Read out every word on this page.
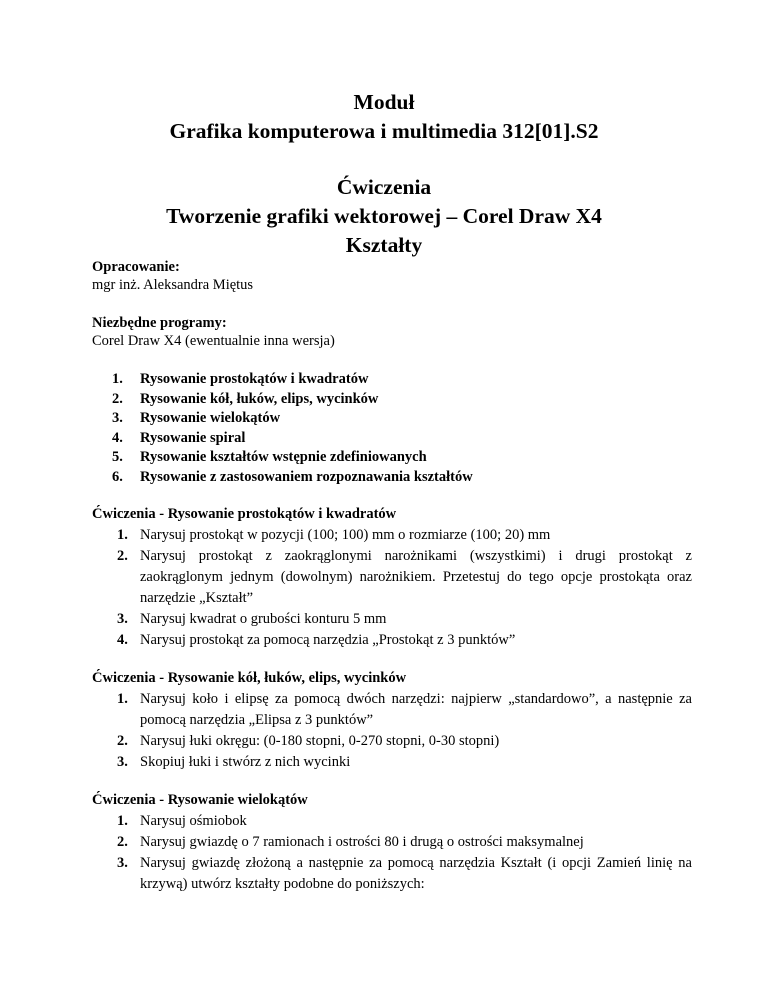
Moduł
Grafika komputerowa i multimedia 312[01].S2
Ćwiczenia
Tworzenie grafiki wektorowej – Corel Draw X4
Kształty
Opracowanie:
mgr inż. Aleksandra Miętus
Niezbędne programy:
Corel Draw X4 (ewentualnie inna wersja)
1. Rysowanie prostokątów i kwadratów
2. Rysowanie kół, łuków, elips, wycinków
3. Rysowanie wielokątów
4. Rysowanie spiral
5. Rysowanie kształtów wstępnie zdefiniowanych
6. Rysowanie z zastosowaniem rozpoznawania kształtów
Ćwiczenia - Rysowanie prostokątów i kwadratów
1. Narysuj prostokąt w pozycji (100; 100) mm o rozmiarze (100; 20) mm
2. Narysuj prostokąt z zaokrąglonymi narożnikami (wszystkimi) i drugi prostokąt z zaokrąglonym jednym (dowolnym) narożnikiem. Przetestuj do tego opcje prostokąta oraz narzędzie „Kształt”
3. Narysuj kwadrat o grubości konturu 5 mm
4. Narysuj prostokąt za pomocą narzędzia „Prostokąt z 3 punktów”
Ćwiczenia - Rysowanie kół, łuków, elips, wycinków
1. Narysuj koło i elipsę za pomocą dwóch narzędzi: najpierw „standardowo”, a następnie za pomocą narzędzia „Elipsa z 3 punktów”
2. Narysuj łuki okręgu: (0-180 stopni, 0-270 stopni, 0-30 stopni)
3. Skopiuj łuki i stwórz z nich wycinki
Ćwiczenia - Rysowanie wielokątów
1. Narysuj ośmiobok
2. Narysuj gwiazdę o 7 ramionach i ostrości 80 i drugą o ostrości maksymalnej
3. Narysuj gwiazdę złożoną a następnie za pomocą narzędzia Kształt (i opcji Zamień linię na krzywą) utwórz kształty podobne do poniższych:
